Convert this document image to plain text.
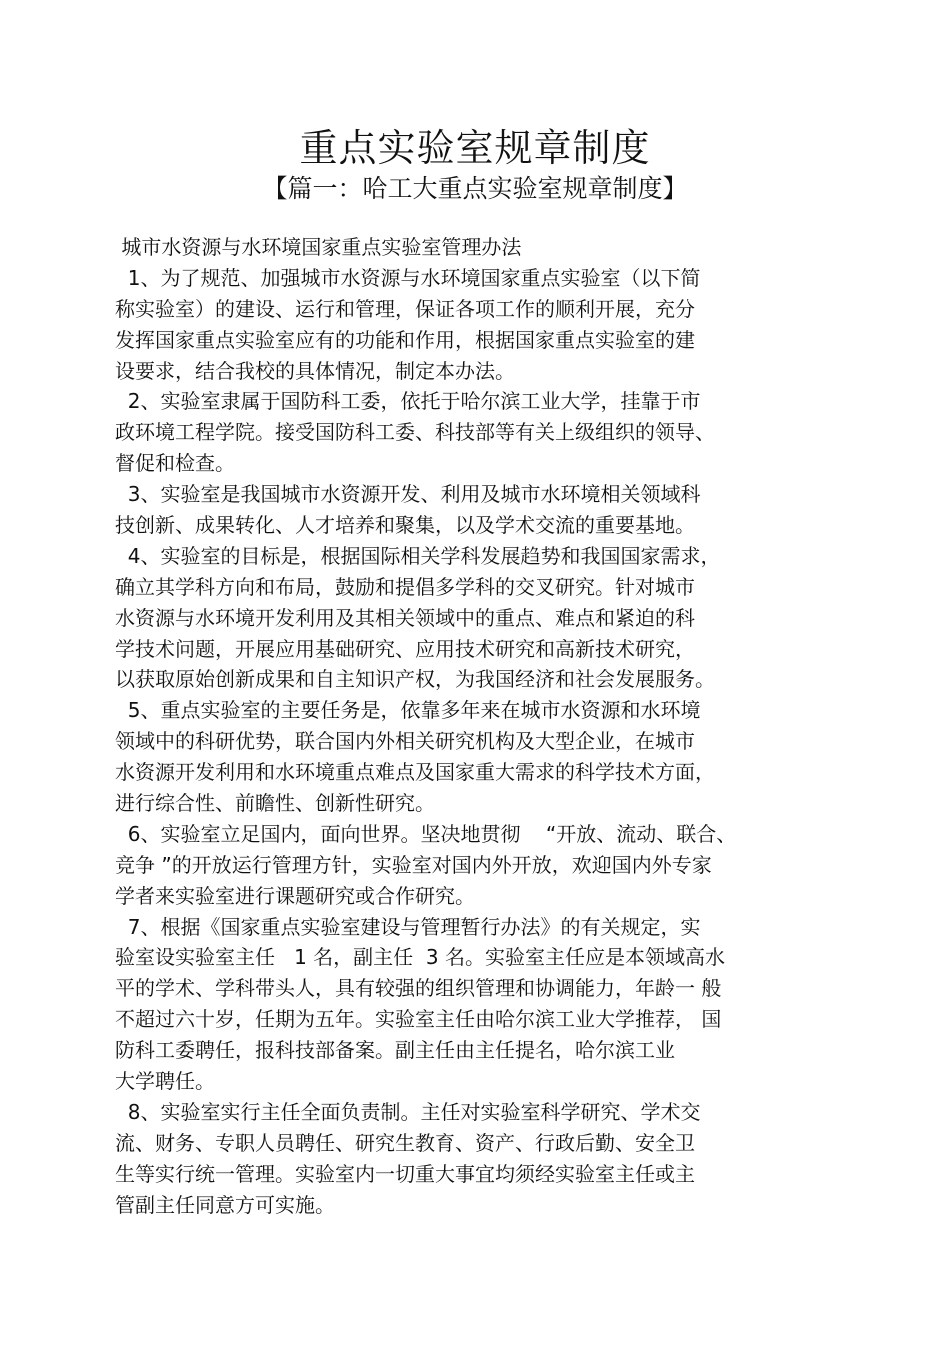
重点实验室规章制度
【篇一：哈工大重点实验室规章制度】
城市水资源与水环境国家重点实验室管理办法
1、为了规范、加强城市水资源与水环境国家重点实验室（以下简
称实验室）的建设、运行和管理，保证各项工作的顺利开展，充分
发挥国家重点实验室应有的功能和作用，根据国家重点实验室的建
设要求，结合我校的具体情况，制定本办法。
2、实验室隶属于国防科工委，依托于哈尔滨工业大学，挂靠于市
政环境工程学院。接受国防科工委、科技部等有关上级组织的领导、
督促和检查。
3、实验室是我国城市水资源开发、利用及城市水环境相关领域科
技创新、成果转化、人才培养和聚集，以及学术交流的重要基地。
4、实验室的目标是，根据国际相关学科发展趋势和我国国家需求，
确立其学科方向和布局，鼓励和提倡多学科的交叉研究。针对城市
水资源与水环境开发利用及其相关领域中的重点、难点和紧迫的科
学技术问题，开展应用基础研究、应用技术研究和高新技术研究，
以获取原始创新成果和自主知识产权，为我国经济和社会发展服务。
5、重点实验室的主要任务是，依靠多年来在城市水资源和水环境
领域中的科研优势，联合国内外相关研究机构及大型企业，在城市
水资源开发利用和水环境重点难点及国家重大需求的科学技术方面，
进行综合性、前瞻性、创新性研究。
6、实验室立足国内，面向世界。坚决地贯彻    “开放、流动、联合、
竞争 ”的开放运行管理方针，实验室对国内外开放，欢迎国内外专家
学者来实验室进行课题研究或合作研究。
7、根据《国家重点实验室建设与管理暂行办法》的有关规定，实
验室设实验室主任   1 名，副主任  3 名。实验室主任应是本领域高水
平的学术、学科带头人，具有较强的组织管理和协调能力，年龄一 般
不超过六十岁，任期为五年。实验室主任由哈尔滨工业大学推荐， 国
防科工委聘任，报科技部备案。副主任由主任提名，哈尔滨工业
大学聘任。
8、实验室实行主任全面负责制。主任对实验室科学研究、学术交
流、财务、专职人员聘任、研究生教育、资产、行政后勤、安全卫
生等实行统一管理。实验室内一切重大事宜均须经实验室主任或主
管副主任同意方可实施。
